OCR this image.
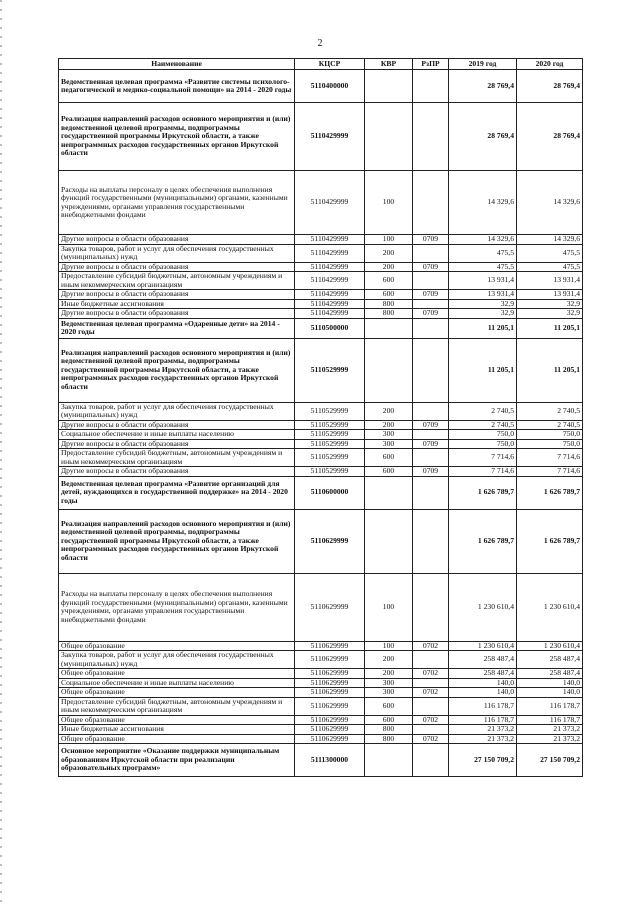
2
Наименование	КЦСР	КВР	РзПР	2019 год	2020 год
Ведомственная целевая программа «Развитие системы психолого-педагогической и медико-социальной помощи» на 2014 - 2020 годы	5110400000			28 769,4	28 769,4
Реализация направлений расходов основного мероприятия и (или) ведомственной целевой программы, подпрограммы государственной программы Иркутской области, а также непрограммных расходов государственных органов Иркутской области	5110429999			28 769,4	28 769,4
Расходы на выплаты персоналу в целях обеспечения выполнения функций государственными (муниципальными) органами, казенными учреждениями, органами управления государственными внебюджетными фондами	5110429999	100		14 329,6	14 329,6
Другие вопросы в области образования	5110429999	100	0709	14 329,6	14 329,6
Закупка товаров, работ и услуг для обеспечения государственных (муниципальных) нужд	5110429999	200		475,5	475,5
Другие вопросы в области образования	5110429999	200	0709	475,5	475,5
Предоставление субсидий бюджетным, автономным учреждениям и иным некоммерческим организациям	5110429999	600		13 931,4	13 931,4
Другие вопросы в области образования	5110429999	600	0709	13 931,4	13 931,4
Иные бюджетные ассигнования	5110429999	800		32,9	32,9
Другие вопросы в области образования	5110429999	800	0709	32,9	32,9
Ведомственная целевая программа «Одаренные дети» на 2014 - 2020 годы	5110500000			11 205,1	11 205,1
Реализация направлений расходов основного мероприятия и (или) ведомственной целевой программы, подпрограммы государственной программы Иркутской области, а также непрограммных расходов государственных органов Иркутской области	5110529999			11 205,1	11 205,1
Закупка товаров, работ и услуг для обеспечения государственных (муниципальных) нужд	5110529999	200		2 740,5	2 740,5
Другие вопросы в области образования	5110529999	200	0709	2 740,5	2 740,5
Социальное обеспечение и иные выплаты населению	5110529999	300		750,0	750,0
Другие вопросы в области образования	5110529999	300	0709	750,0	750,0
Предоставление субсидий бюджетным, автономным учреждениям и иным некоммерческим организациям	5110529999	600		7 714,6	7 714,6
Другие вопросы в области образования	5110529999	600	0709	7 714,6	7 714,6
Ведомственная целевая программа «Развитие организаций для детей, нуждающихся в государственной поддержке» на 2014 - 2020 годы	5110600000			1 626 789,7	1 626 789,7
Реализация направлений расходов основного мероприятия и (или) ведомственной целевой программы, подпрограммы государственной программы Иркутской области, а также непрограммных расходов государственных органов Иркутской области	5110629999			1 626 789,7	1 626 789,7
Расходы на выплаты персоналу в целях обеспечения выполнения функций государственными (муниципальными) органами, казенными учреждениями, органами управления государственными внебюджетными фондами	5110629999	100		1 230 610,4	1 230 610,4
Общее образование	5110629999	100	0702	1 230 610,4	1 230 610,4
Закупка товаров, работ и услуг для обеспечения государственных (муниципальных) нужд	5110629999	200		258 487,4	258 487,4
Общее образование	5110629999	200	0702	258 487,4	258 487,4
Социальное обеспечение и иные выплаты населению	5110629999	300		140,0	140,0
Общее образование	5110629999	300	0702	140,0	140,0
Предоставление субсидий бюджетным, автономным учреждениям и иным некоммерческим организациям	5110629999	600		116 178,7	116 178,7
Общее образование	5110629999	600	0702	116 178,7	116 178,7
Иные бюджетные ассигнования	5110629999	800		21 373,2	21 373,2
Общее образование	5110629999	800	0702	21 373,2	21 373,2
Основное мероприятие «Оказание поддержки муниципальным образованиям Иркутской области при реализации образовательных программ»	5111300000			27 150 709,2	27 150 709,2
